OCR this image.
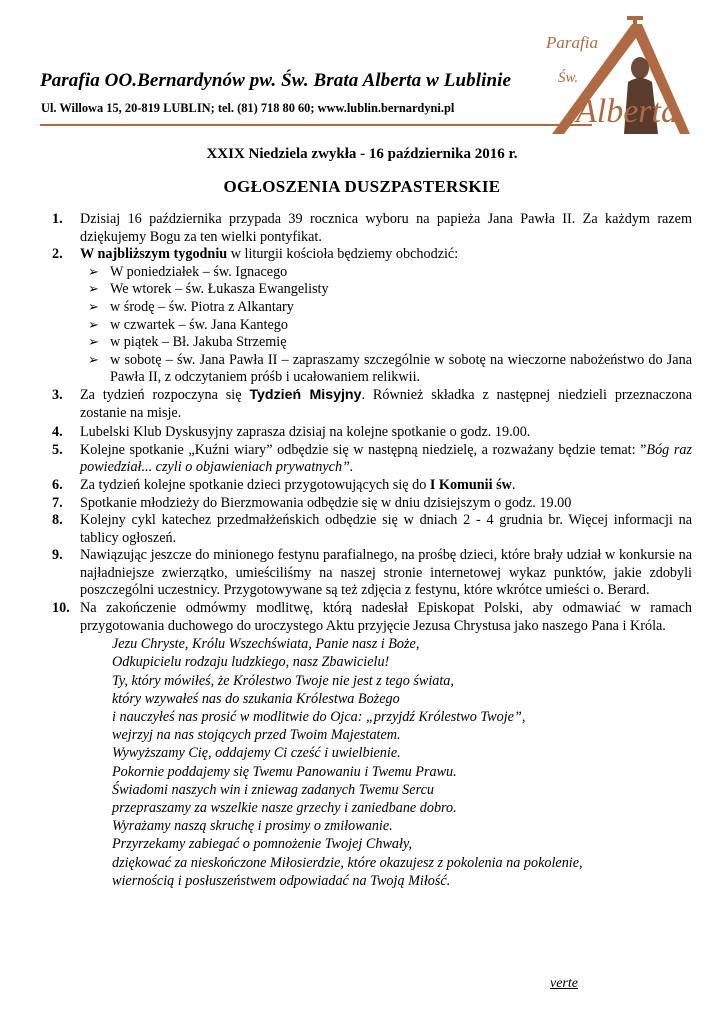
Parafia OO.Bernardynów pw. Św. Brata Alberta w Lublinie
Ul. Willowa 15, 20-819 LUBLIN; tel. (81) 718 80 60; www.lublin.bernardyni.pl
Parafia
Św.
Alberta
XXIX Niedziela zwykła - 16 października 2016 r.
OGŁOSZENIA DUSZPASTERSKIE
1.	Dzisiaj 16 października przypada 39 rocznica wyboru na papieża Jana Pawła II. Za każdym razem dziękujemy Bogu za ten wielki pontyfikat.
2.	W najbliższym tygodniu w liturgii kościoła będziemy obchodzić:
➢ W poniedziałek – św. Ignacego
➢ We wtorek – św. Łukasza Ewangelisty
➢ w środę – św. Piotra z Alkantary
➢ w czwartek – św. Jana Kantego
➢ w piątek – Bł. Jakuba Strzemię
➢ w sobotę – św. Jana Pawła II – zapraszamy szczególnie w sobotę na wieczorne nabożeństwo do Jana Pawła II, z odczytaniem próśb i ucałowaniem relikwii.
3.	Za tydzień rozpoczyna się Tydzień Misyjny. Również składka z następnej niedzieli przeznaczona zostanie na misje.
4.	Lubelski Klub Dyskusyjny zaprasza dzisiaj na kolejne spotkanie o godz. 19.00.
5.	Kolejne spotkanie „Kuźni wiary” odbędzie się w następną niedzielę, a rozważany będzie temat: ”Bóg raz powiedział... czyli o objawieniach prywatnych”.
6.	Za tydzień kolejne spotkanie dzieci przygotowujących się do I Komunii św.
7.	Spotkanie młodzieży do Bierzmowania odbędzie się w dniu dzisiejszym o godz. 19.00
8.	Kolejny cykl katechez przedmałżeńskich odbędzie się w dniach 2 - 4 grudnia br. Więcej informacji na tablicy ogłoszeń.
9.	Nawiązując jeszcze do minionego festynu parafialnego, na prośbę dzieci, które brały udział w konkursie na najładniejsze zwierzątko, umieściliśmy na naszej stronie internetowej wykaz punktów, jakie zdobyli poszczególni uczestnicy. Przygotowywane są też zdjęcia z festynu, które wkrótce umieści o. Berard.
10. Na zakończenie odmówmy modlitwę, którą nadesłał Episkopat Polski, aby odmawiać w ramach przygotowania duchowego do uroczystego Aktu przyjęcie Jezusa Chrystusa jako naszego Pana i Króla.
Jezu Chryste, Królu Wszechświata, Panie nasz i Boże,
Odkupicielu rodzaju ludzkiego, nasz Zbawicielu!
Ty, który mówiłeś, że Królestwo Twoje nie jest z tego świata,
który wzywałeś nas do szukania Królestwa Bożego
i nauczyłeś nas prosić w modlitwie do Ojca: „przyjdź Królestwo Twoje”,
wejrzyj na nas stojących przed Twoim Majestatem.
Wywyższamy Cię, oddajemy Ci cześć i uwielbienie.
Pokornie poddajemy się Twemu Panowaniu i Twemu Prawu.
Świadomi naszych win i zniewag zadanych Twemu Sercu
przepraszamy za wszelkie nasze grzechy i zaniedbane dobro.
Wyrażamy naszą skruchę i prosimy o zmiłowanie.
Przyrzekamy zabiegać o pomnożenie Twojej Chwały,
dziękować za nieskończone Miłosierdzie, które okazujesz z pokolenia na pokolenie,
wiernością i posłuszeństwem odpowiadać na Twoją Miłość.
verte
